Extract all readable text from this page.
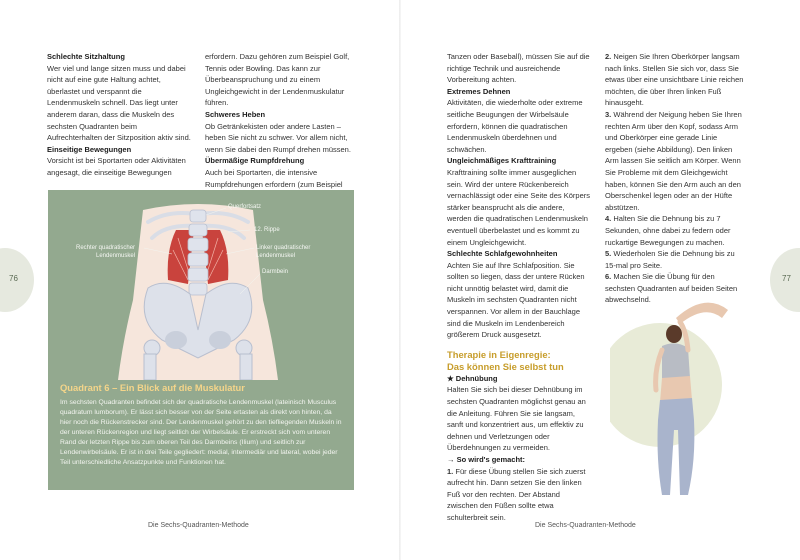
76	77
Schlechte Sitzhaltung

Wer viel und lange sitzen muss und dabei nicht auf eine gute Haltung achtet, überlastet und verspannt die Lendenmuskeln schnell. Das liegt unter anderem daran, dass die Muskeln des sechsten Quadranten beim Aufrechterhalten der Sitzposition aktiv sind.

Einseitige Bewegungen

Vorsicht ist bei Sportarten oder Aktivitäten angesagt, die einseitige Bewegungen

erfordern. Dazu gehören zum Beispiel Golf, Tennis oder Bowling. Das kann zur Überbeanspruchung und zu einem Ungleichgewicht in der Lendenmuskulatur führen.

Schweres Heben

Ob Getränkekisten oder andere Lasten – heben Sie nicht zu schwer. Vor allem nicht, wenn Sie dabei den Rumpf drehen müssen.

Übermäßige Rumpfdrehung

Auch bei Sportarten, die intensive Rumpfdrehungen erfordern (zum Beispiel

Querfortsatz
12. Rippe
Rechter quadratischer
Lendenmuskel
Linker quadratischer
Lendenmuskel
Darmbein
Quadrant 6 – Ein Blick auf die Muskulatur

Im sechsten Quadranten befindet sich der quadratische Lendenmuskel (lateinisch Musculus quadratum lumborum). Er lässt sich besser von der Seite ertasten als direkt von hinten, da hier noch die Rückenstrecker sind. Der Lendenmuskel gehört zu den tiefliegenden Muskeln in der unteren Rückenregion und liegt seitlich der Wirbelsäule. Er erstreckt sich vom unteren Rand der letzten Rippe bis zum oberen Teil des Darmbeins (Ilium) und seitlich zur Lendenwirbelsäule. Er ist in drei Teile gegliedert: medial, intermediär und lateral, wobei jeder Teil unterschiedliche Ansatzpunkte und Funktionen hat.

Tanzen oder Baseball), müssen Sie auf die richtige Technik und ausreichende Vorbereitung achten.

Extremes Dehnen

Aktivitäten, die wiederholte oder extreme seitliche Beugungen der Wirbelsäule erfordern, können die quadratischen Lendenmuskeln überdehnen und schwächen.

Ungleichmäßiges Krafttraining

Krafttraining sollte immer ausgeglichen sein. Wird der untere Rückenbereich vernachlässigt oder eine Seite des Körpers stärker beansprucht als die andere, werden die quadratischen Lendenmuskeln eventuell überbelastet und es kommt zu einem Ungleichgewicht.

Schlechte Schlafgewohnheiten

Achten Sie auf Ihre Schlafposition. Sie sollten so liegen, dass der untere Rücken nicht unnötig belastet wird, damit die Muskeln im sechsten Quadranten nicht verspannen. Vor allem in der Bauchlage sind die Muskeln im Lendenbereich größerem Druck ausgesetzt.

Therapie in Eigenregie:
Das können Sie selbst tun
★ Dehnübung

Halten Sie sich bei dieser Dehnübung im sechsten Quadranten möglichst genau an die Anleitung. Führen Sie sie langsam, sanft und konzentriert aus, um effektiv zu dehnen und Verletzungen oder Überdehnungen zu vermeiden.

→ So wird's gemacht:

1. Für diese Übung stellen Sie sich zuerst aufrecht hin. Dann setzen Sie den linken Fuß vor den rechten. Der Abstand zwischen den Füßen sollte etwa schulterbreit sein.

2. Neigen Sie Ihren Oberkörper langsam nach links. Stellen Sie sich vor, dass Sie etwas über eine unsichtbare Linie reichen möchten, die über Ihren linken Fuß hinausgeht.

3. Während der Neigung heben Sie Ihren rechten Arm über den Kopf, sodass Arm und Oberkörper eine gerade Linie ergeben (siehe Abbildung). Den linken Arm lassen Sie seitlich am Körper. Wenn Sie Probleme mit dem Gleichgewicht haben, können Sie den Arm auch an den Oberschenkel legen oder an der Hüfte abstützen.

4. Halten Sie die Dehnung bis zu 7 Sekunden, ohne dabei zu federn oder ruckartige Bewegungen zu machen.

5. Wiederholen Sie die Dehnung bis zu 15-mal pro Seite.

6. Machen Sie die Übung für den sechsten Quadranten auf beiden Seiten abwechselnd.

Die Sechs-Quadranten-Methode	Die Sechs-Quadranten-Methode
